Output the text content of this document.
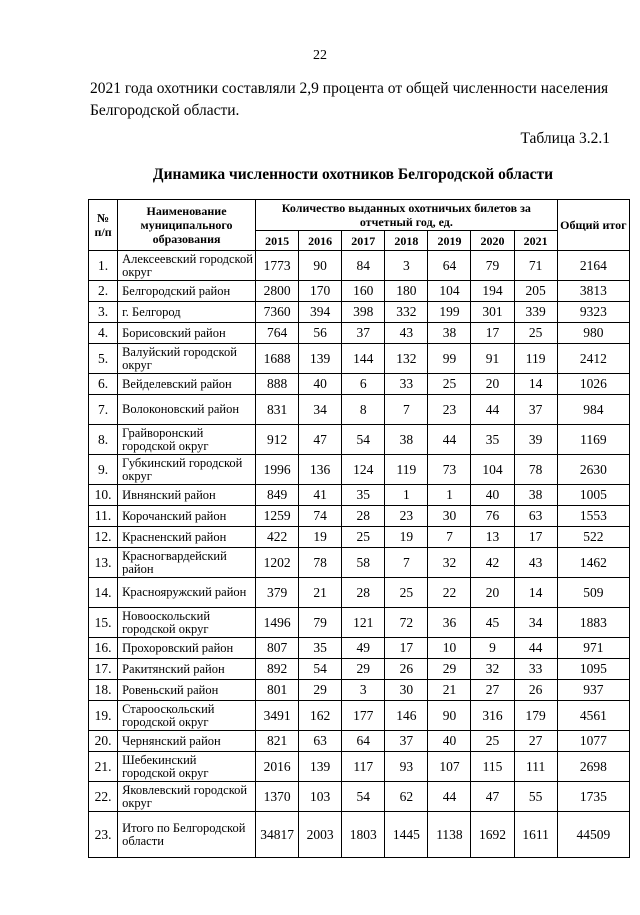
22
2021 года охотники составляли 2,9 процента от общей численности населения Белгородской области.
Таблица 3.2.1
Динамика численности охотников Белгородской области
№ п/п	Наименование муниципального образования	Количество выданных охотничьих билетов за отчетный год, ед.							Общий итог
		2015	2016	2017	2018	2019	2020	2021	
1.	Алексеевский городской округ	1773	90	84	3	64	79	71	2164
2.	Белгородский район	2800	170	160	180	104	194	205	3813
3.	г. Белгород	7360	394	398	332	199	301	339	9323
4.	Борисовский район	764	56	37	43	38	17	25	980
5.	Валуйский городской округ	1688	139	144	132	99	91	119	2412
6.	Вейделевский район	888	40	6	33	25	20	14	1026
7.	Волоконовский район	831	34	8	7	23	44	37	984
8.	Грайворонский городской округ	912	47	54	38	44	35	39	1169
9.	Губкинский городской округ	1996	136	124	119	73	104	78	2630
10.	Ивнянский район	849	41	35	1	1	40	38	1005
11.	Корочанский район	1259	74	28	23	30	76	63	1553
12.	Красненский район	422	19	25	19	7	13	17	522
13.	Красногвардейский район	1202	78	58	7	32	42	43	1462
14.	Краснояружский район	379	21	28	25	22	20	14	509
15.	Новооскольский городской округ	1496	79	121	72	36	45	34	1883
16.	Прохоровский район	807	35	49	17	10	9	44	971
17.	Ракитянский район	892	54	29	26	29	32	33	1095
18.	Ровеньский район	801	29	3	30	21	27	26	937
19.	Старооскольский городской округ	3491	162	177	146	90	316	179	4561
20.	Чернянский район	821	63	64	37	40	25	27	1077
21.	Шебекинский городской округ	2016	139	117	93	107	115	111	2698
22.	Яковлевский городской округ	1370	103	54	62	44	47	55	1735
23.	Итого по Белгородской области	34817	2003	1803	1445	1138	1692	1611	44509
